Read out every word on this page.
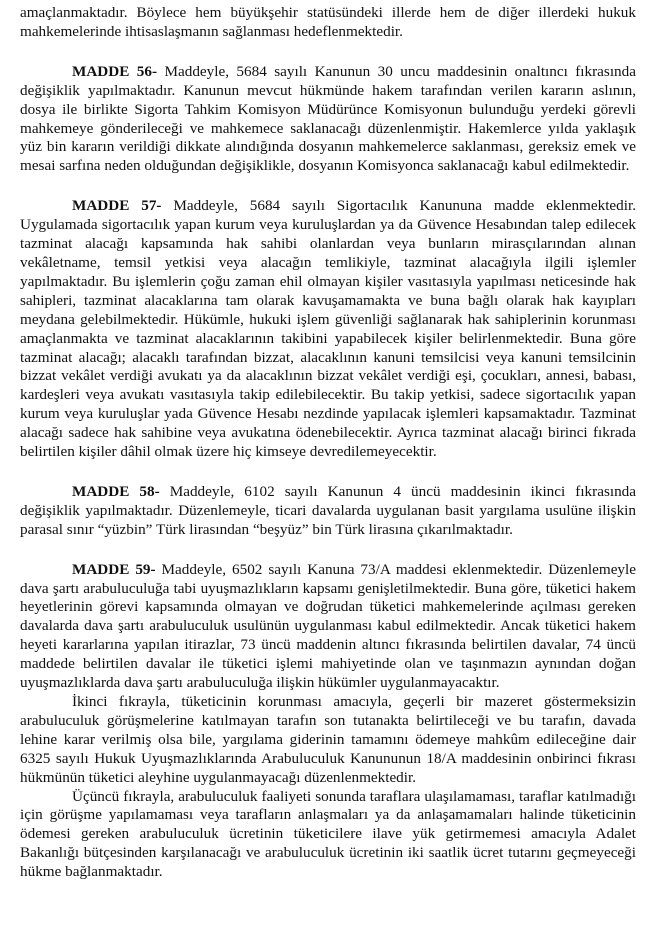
amaçlanmaktadır. Böylece hem büyükşehir statüsündeki illerde hem de diğer illerdeki hukuk mahkemelerinde ihtisaslaşmanın sağlanması hedeflenmektedir.

MADDE 56- Maddeyle, 5684 sayılı Kanunun 30 uncu maddesinin onaltıncı fıkrasında değişiklik yapılmaktadır. Kanunun mevcut hükmünde hakem tarafından verilen kararın aslının, dosya ile birlikte Sigorta Tahkim Komisyon Müdürünce Komisyonun bulunduğu yerdeki görevli mahkemeye gönderileceği ve mahkemece saklanacağı düzenlenmiştir. Hakemlerce yılda yaklaşık yüz bin kararın verildiği dikkate alındığında dosyanın mahkemelerce saklanması, gereksiz emek ve mesai sarfına neden olduğundan değişiklikle, dosyanın Komisyonca saklanacağı kabul edilmektedir.

MADDE 57- Maddeyle, 5684 sayılı Sigortacılık Kanununa madde eklenmektedir. Uygulamada sigortacılık yapan kurum veya kuruluşlardan ya da Güvence Hesabından talep edilecek tazminat alacağı kapsamında hak sahibi olanlardan veya bunların mirasçılarından alınan vekâletname, temsil yetkisi veya alacağın temlikiyle, tazminat alacağıyla ilgili işlemler yapılmaktadır. Bu işlemlerin çoğu zaman ehil olmayan kişiler vasıtasıyla yapılması neticesinde hak sahipleri, tazminat alacaklarına tam olarak kavuşamamakta ve buna bağlı olarak hak kayıpları meydana gelebilmektedir. Hükümle, hukuki işlem güvenliği sağlanarak hak sahiplerinin korunması amaçlanmakta ve tazminat alacaklarının takibini yapabilecek kişiler belirlenmektedir. Buna göre tazminat alacağı; alacaklı tarafından bizzat, alacaklının kanuni temsilcisi veya kanuni temsilcinin bizzat vekâlet verdiği avukatı ya da alacaklının bizzat vekâlet verdiği eşi, çocukları, annesi, babası, kardeşleri veya avukatı vasıtasıyla takip edilebilecektir. Bu takip yetkisi, sadece sigortacılık yapan kurum veya kuruluşlar yada Güvence Hesabı nezdinde yapılacak işlemleri kapsamaktadır. Tazminat alacağı sadece hak sahibine veya avukatına ödenebilecektir. Ayrıca tazminat alacağı birinci fıkrada belirtilen kişiler dâhil olmak üzere hiç kimseye devredilemeyecektir.

MADDE 58- Maddeyle, 6102 sayılı Kanunun 4 üncü maddesinin ikinci fıkrasında değişiklik yapılmaktadır. Düzenlemeyle, ticari davalarda uygulanan basit yargılama usulüne ilişkin parasal sınır “yüzbin” Türk lirasından “beşyüz” bin Türk lirasına çıkarılmaktadır.

MADDE 59- Maddeyle, 6502 sayılı Kanuna 73/A maddesi eklenmektedir. Düzenlemeyle dava şartı arabuluculuğa tabi uyuşmazlıkların kapsamı genişletilmektedir. Buna göre, tüketici hakem heyetlerinin görevi kapsamında olmayan ve doğrudan tüketici mahkemelerinde açılması gereken davalarda dava şartı arabuluculuk usulünün uygulanması kabul edilmektedir. Ancak tüketici hakem heyeti kararlarına yapılan itirazlar, 73 üncü maddenin altıncı fıkrasında belirtilen davalar, 74 üncü maddede belirtilen davalar ile tüketici işlemi mahiyetinde olan ve taşınmazın aynından doğan uyuşmazlıklarda dava şartı arabuluculuğa ilişkin hükümler uygulanmayacaktır.

İkinci fıkrayla, tüketicinin korunması amacıyla, geçerli bir mazeret göstermeksizin arabuluculuk görüşmelerine katılmayan tarafın son tutanakta belirtileceği ve bu tarafın, davada lehine karar verilmiş olsa bile, yargılama giderinin tamamını ödemeye mahkûm edileceğine dair 6325 sayılı Hukuk Uyuşmazlıklarında Arabuluculuk Kanununun 18/A maddesinin onbirinci fıkrası hükmünün tüketici aleyhine uygulanmayacağı düzenlenmektedir.

Üçüncü fıkrayla, arabuluculuk faaliyeti sonunda taraflara ulaşılamaması, taraflar katılmadığı için görüşme yapılamaması veya tarafların anlaşmaları ya da anlaşamamaları halinde tüketicinin ödemesi gereken arabuluculuk ücretinin tüketicilere ilave yük getirmemesi amacıyla Adalet Bakanlığı bütçesinden karşılanacağı ve arabuluculuk ücretinin iki saatlik ücret tutarını geçmeyeceği hükme bağlanmaktadır.
